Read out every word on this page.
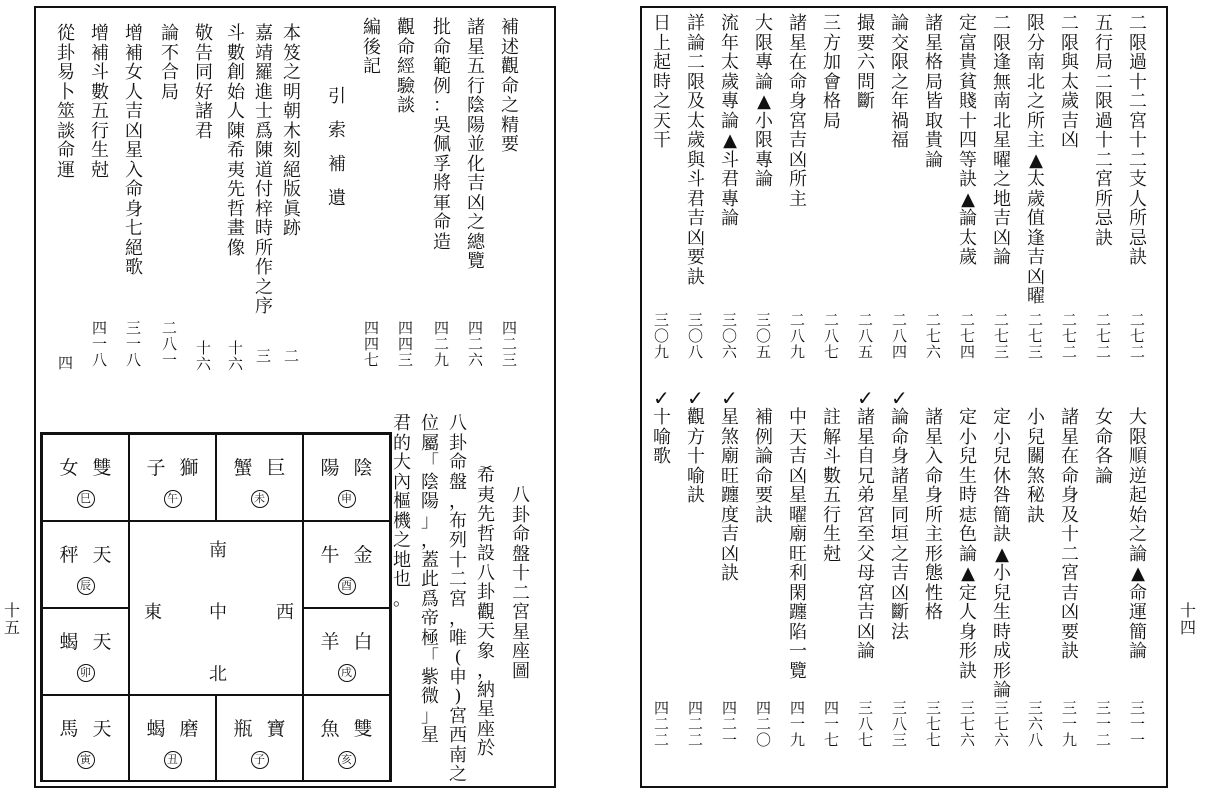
補
述
觀
命
之
精
要
四
二
三
諸
星
五
行
陰
陽
並
化
吉
凶
之
總
覽
四
二
六
批
命
範
例
：
吳
佩
孚
將
軍
命
造
四
二
九
觀
命
經
驗
談
四
四
三
編
後
記
四
四
七
引
索
補
遺
本
笈
之
明
朝
木
刻
絕
版
眞
跡
二
嘉
靖
羅
進
士
爲
陳
道
付
梓
時
所
作
之
序
三
斗
數
創
始
人
陳
希
夷
先
哲
畫
像
十
六
敬
告
同
好
諸
君
十
六
論
不
合
局
二
八
一
增
補
女
人
吉
凶
星
入
命
身
七
絕
歌
三
一
八
增
補
斗
數
五
行
生
尅
四
一
八
從
卦
易
卜
筮
談
命
運
四
八
卦
命
盤
十
二
宮
星
座
圖
希
夷
先
哲
設
八
卦
觀
天
象
，
納
星
座
於
八
卦
命
盤
，
布
列
十
二
宮
，
唯
(
申
)
宮
西
南
之
位
屬
「
陰
陽
」
，
蓋
此
爲
帝
極
「
紫
微
」
星
君
的
大
內
樞
機
之
地
也
。
二
限
過
十
二
宮
十
二
支
人
所
忌
訣
二
七
二
五
行
局
二
限
過
十
二
宮
所
忌
訣
二
七
二
二
限
與
太
歲
吉
凶
二
七
二
限
分
南
北
之
所
主
▲
太
歲
值
逢
吉
凶
曜
二
七
三
二
限
逢
無
南
北
星
曜
之
地
吉
凶
論
二
七
三
定
富
貴
貧
賤
十
四
等
訣
▲
論
太
歲
二
七
四
諸
星
格
局
皆
取
貴
論
二
七
六
論
交
限
之
年
禍
福
二
八
四
撮
要
六
問
斷
二
八
五
三
方
加
會
格
局
二
八
七
諸
星
在
命
身
宮
吉
凶
所
主
二
八
九
大
限
專
論
▲
小
限
專
論
三
〇
五
流
年
太
歲
專
論
▲
斗
君
專
論
三
〇
六
詳
論
二
限
及
太
歲
與
斗
君
吉
凶
要
訣
三
〇
八
日
上
起
時
之
天
干
三
〇
九
大
限
順
逆
起
始
之
論
▲
命
運
簡
論
三
一
一
女
命
各
論
三
一
二
諸
星
在
命
身
及
十
二
宮
吉
凶
要
訣
三
一
九
小
兒
關
煞
秘
訣
三
六
八
定
小
兒
休
咎
簡
訣
▲
小
兒
生
時
成
形
論
三
七
六
定
小
兒
生
時
痣
色
論
▲
定
人
身
形
訣
三
七
六
諸
星
入
命
身
所
主
形
態
性
格
三
七
七
論
命
身
諸
星
同
垣
之
吉
凶
斷
法
三
八
三
✓
諸
星
自
兄
弟
宮
至
父
母
宮
吉
凶
論
三
八
七
✓
註
解
斗
數
五
行
生
尅
四
一
七
中
天
吉
凶
星
曜
廟
旺
利
閑
躔
陷
一
覽
四
一
九
補
例
論
命
要
訣
四
二
〇
星
煞
廟
旺
躔
度
吉
凶
訣
四
二
一
✓
觀
方
十
喻
訣
四
二
二
✓
十
喻
歌
四
二
二
✓
十
五
十
四
女雙
巳
子獅
午
蟹巨
未
陽陰
申
秤天
辰
牛金
酉
蝎天
卯
羊白
戌
馬天
寅
蝎磨
丑
瓶寶
子
魚雙
亥
南
東	中	西
北
